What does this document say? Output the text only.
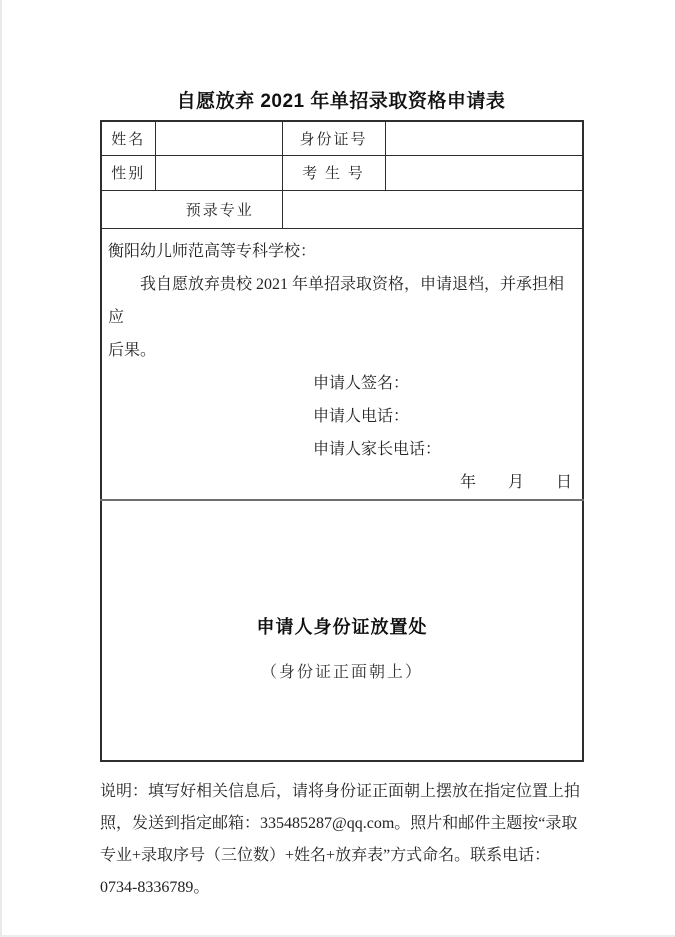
自愿放弃 2021 年单招录取资格申请表
姓名		身份证号	
性别		考 生 号	
预录专业			

衡阳幼儿师范高等专科学校：
我自愿放弃贵校 2021 年单招录取资格，申请退档，并承担相应
后果。
申请人签名：
申请人电话：
申请人家长电话：
年　　月　　日

申请人身份证放置处
（身份证正面朝上）			
说明：填写好相关信息后，请将身份证正面朝上摆放在指定位置上拍
照，发送到指定邮箱：335485287@qq.com。照片和邮件主题按“录取
专业+录取序号（三位数）+姓名+放弃表”方式命名。联系电话：
0734-8336789。
